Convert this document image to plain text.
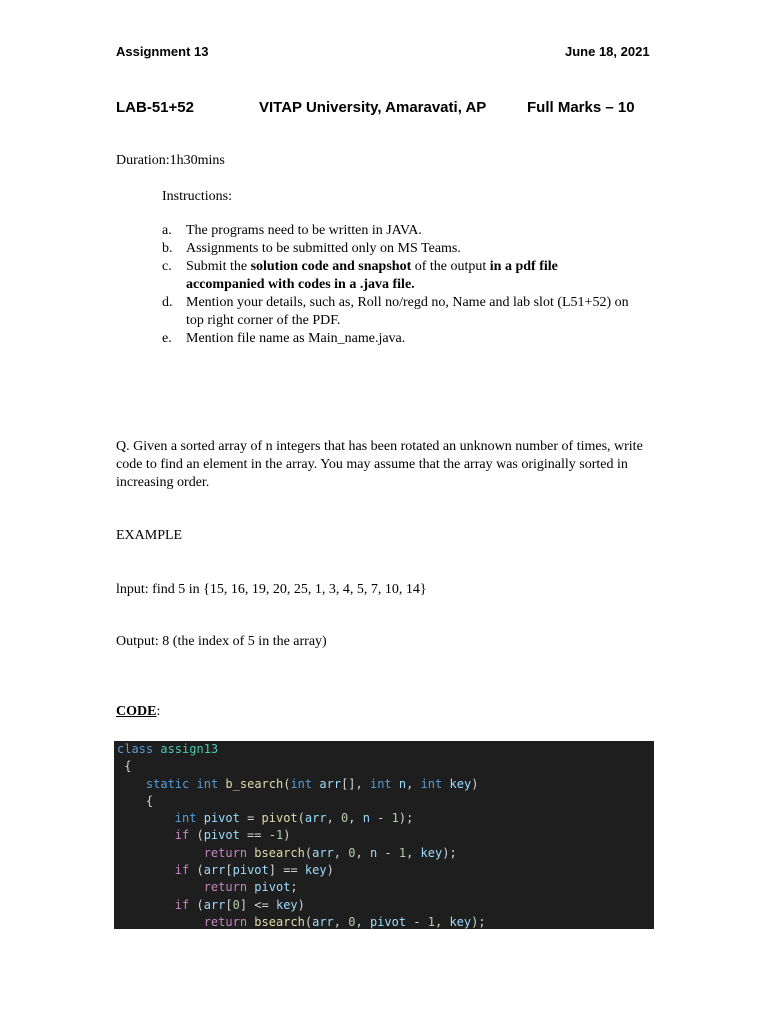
Assignment 13	June 18, 2021
LAB-51+52	VITAP University, Amaravati, AP	Full Marks – 10
Duration:1h30mins
Instructions:
a.	The programs need to be written in JAVA.
b. Assignments to be submitted only on MS Teams.
c.	Submit the solution code and snapshot of the output in a pdf file accompanied with codes in a .java file.
d. Mention your details, such as, Roll no/regd no, Name and lab slot (L51+52) on top right corner of the PDF.
e.	Mention file name as Main_name.java.
Q. Given a sorted array of n integers that has been rotated an unknown number of times, write code to find an element in the array. You may assume that the array was originally sorted in increasing order.
EXAMPLE
lnput: find 5 in {15, 16, 19, 20, 25, 1, 3, 4, 5, 7, 10, 14}
Output: 8 (the index of 5 in the array)
CODE:
class assign13
{
static int b_search(int arr[], int n, int key)
{
int pivot = pivot(arr, 0, n - 1);
if (pivot == -1)
return bsearch(arr, 0, n - 1, key);
if (arr[pivot] == key)
return pivot;
if (arr[0] <= key)
return bsearch(arr, 0, pivot - 1, key);
